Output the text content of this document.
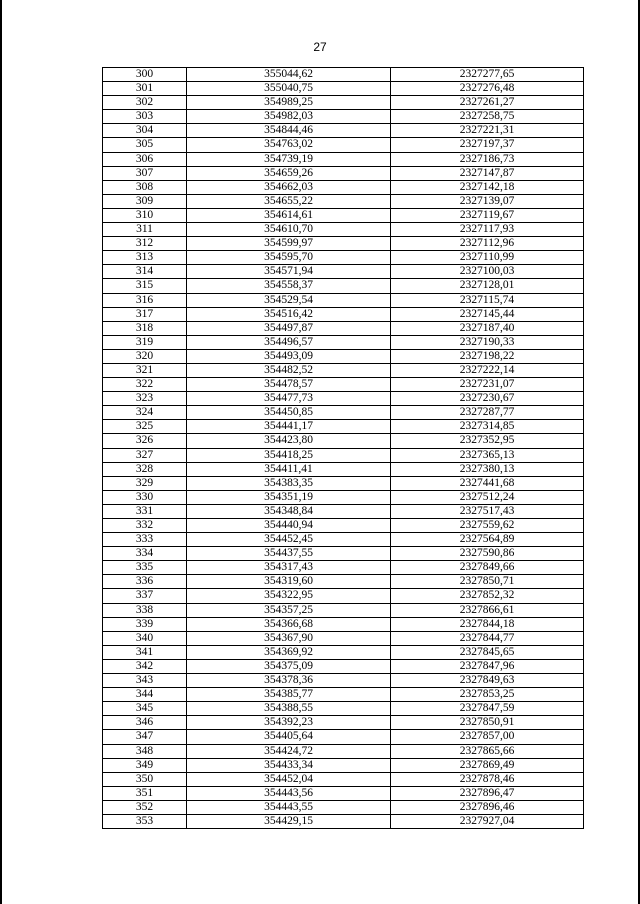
27
300	355044,62	2327277,65
301	355040,75	2327276,48
302	354989,25	2327261,27
303	354982,03	2327258,75
304	354844,46	2327221,31
305	354763,02	2327197,37
306	354739,19	2327186,73
307	354659,26	2327147,87
308	354662,03	2327142,18
309	354655,22	2327139,07
310	354614,61	2327119,67
311	354610,70	2327117,93
312	354599,97	2327112,96
313	354595,70	2327110,99
314	354571,94	2327100,03
315	354558,37	2327128,01
316	354529,54	2327115,74
317	354516,42	2327145,44
318	354497,87	2327187,40
319	354496,57	2327190,33
320	354493,09	2327198,22
321	354482,52	2327222,14
322	354478,57	2327231,07
323	354477,73	2327230,67
324	354450,85	2327287,77
325	354441,17	2327314,85
326	354423,80	2327352,95
327	354418,25	2327365,13
328	354411,41	2327380,13
329	354383,35	2327441,68
330	354351,19	2327512,24
331	354348,84	2327517,43
332	354440,94	2327559,62
333	354452,45	2327564,89
334	354437,55	2327590,86
335	354317,43	2327849,66
336	354319,60	2327850,71
337	354322,95	2327852,32
338	354357,25	2327866,61
339	354366,68	2327844,18
340	354367,90	2327844,77
341	354369,92	2327845,65
342	354375,09	2327847,96
343	354378,36	2327849,63
344	354385,77	2327853,25
345	354388,55	2327847,59
346	354392,23	2327850,91
347	354405,64	2327857,00
348	354424,72	2327865,66
349	354433,34	2327869,49
350	354452,04	2327878,46
351	354443,56	2327896,47
352	354443,55	2327896,46
353	354429,15	2327927,04
